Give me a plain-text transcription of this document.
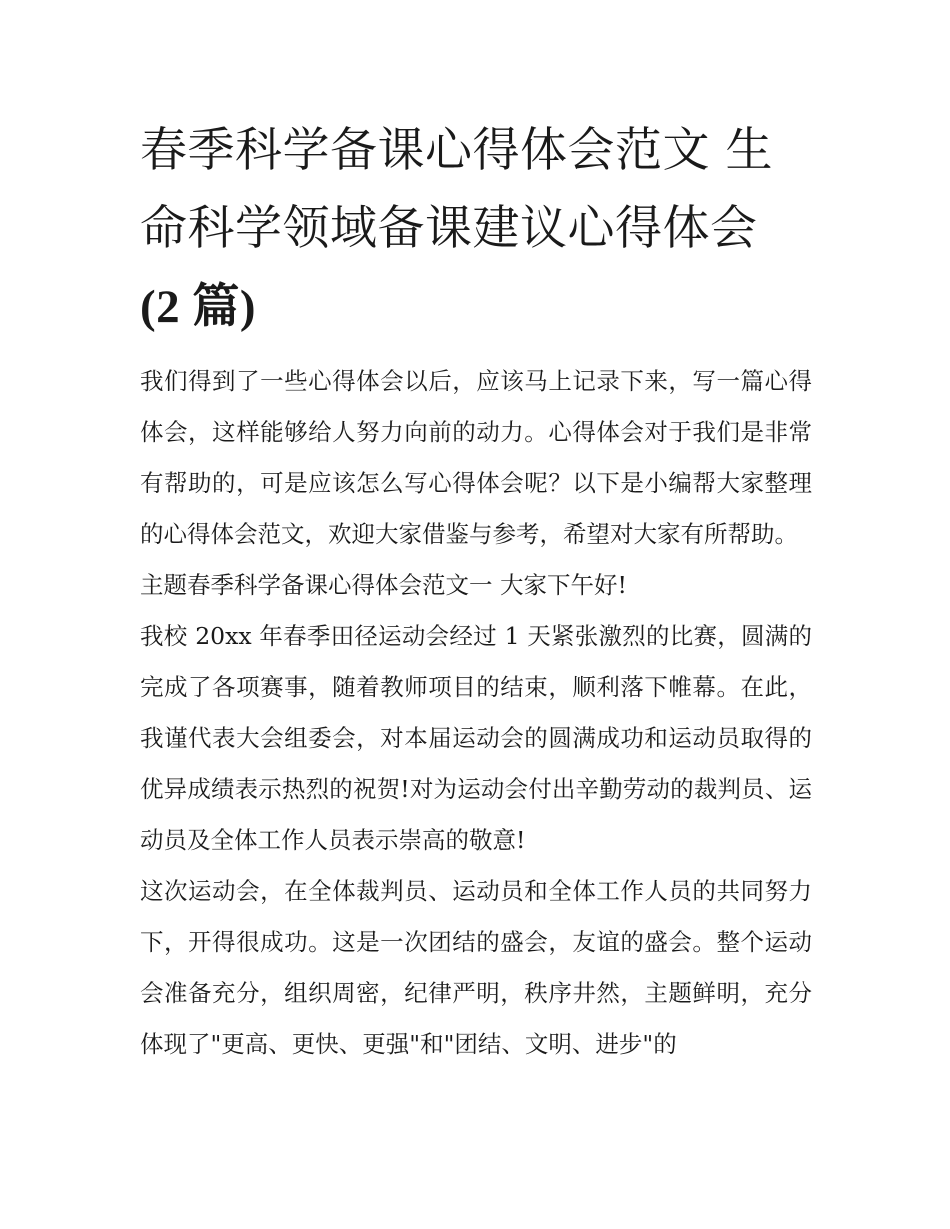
春季科学备课心得体会范文 生命科学领域备课建议心得体会
(2 篇)

我们得到了一些心得体会以后，应该马上记录下来，写一篇心得体会，这样能够给人努力向前的动力。心得体会对于我们是非常有帮助的，可是应该怎么写心得体会呢？以下是小编帮大家整理的心得体会范文，欢迎大家借鉴与参考，希望对大家有所帮助。

主题春季科学备课心得体会范文一 大家下午好!

我校 20xx 年春季田径运动会经过 1 天紧张激烈的比赛，圆满的完成了各项赛事，随着教师项目的结束，顺利落下帷幕。在此，我谨代表大会组委会，对本届运动会的圆满成功和运动员取得的优异成绩表示热烈的祝贺!对为运动会付出辛勤劳动的裁判员、运动员及全体工作人员表示崇高的敬意!

这次运动会，在全体裁判员、运动员和全体工作人员的共同努力下，开得很成功。这是一次团结的盛会，友谊的盛会。整个运动会准备充分，组织周密，纪律严明，秩序井然，主题鲜明，充分体现了"更高、更快、更强"和"团结、文明、进步"的
